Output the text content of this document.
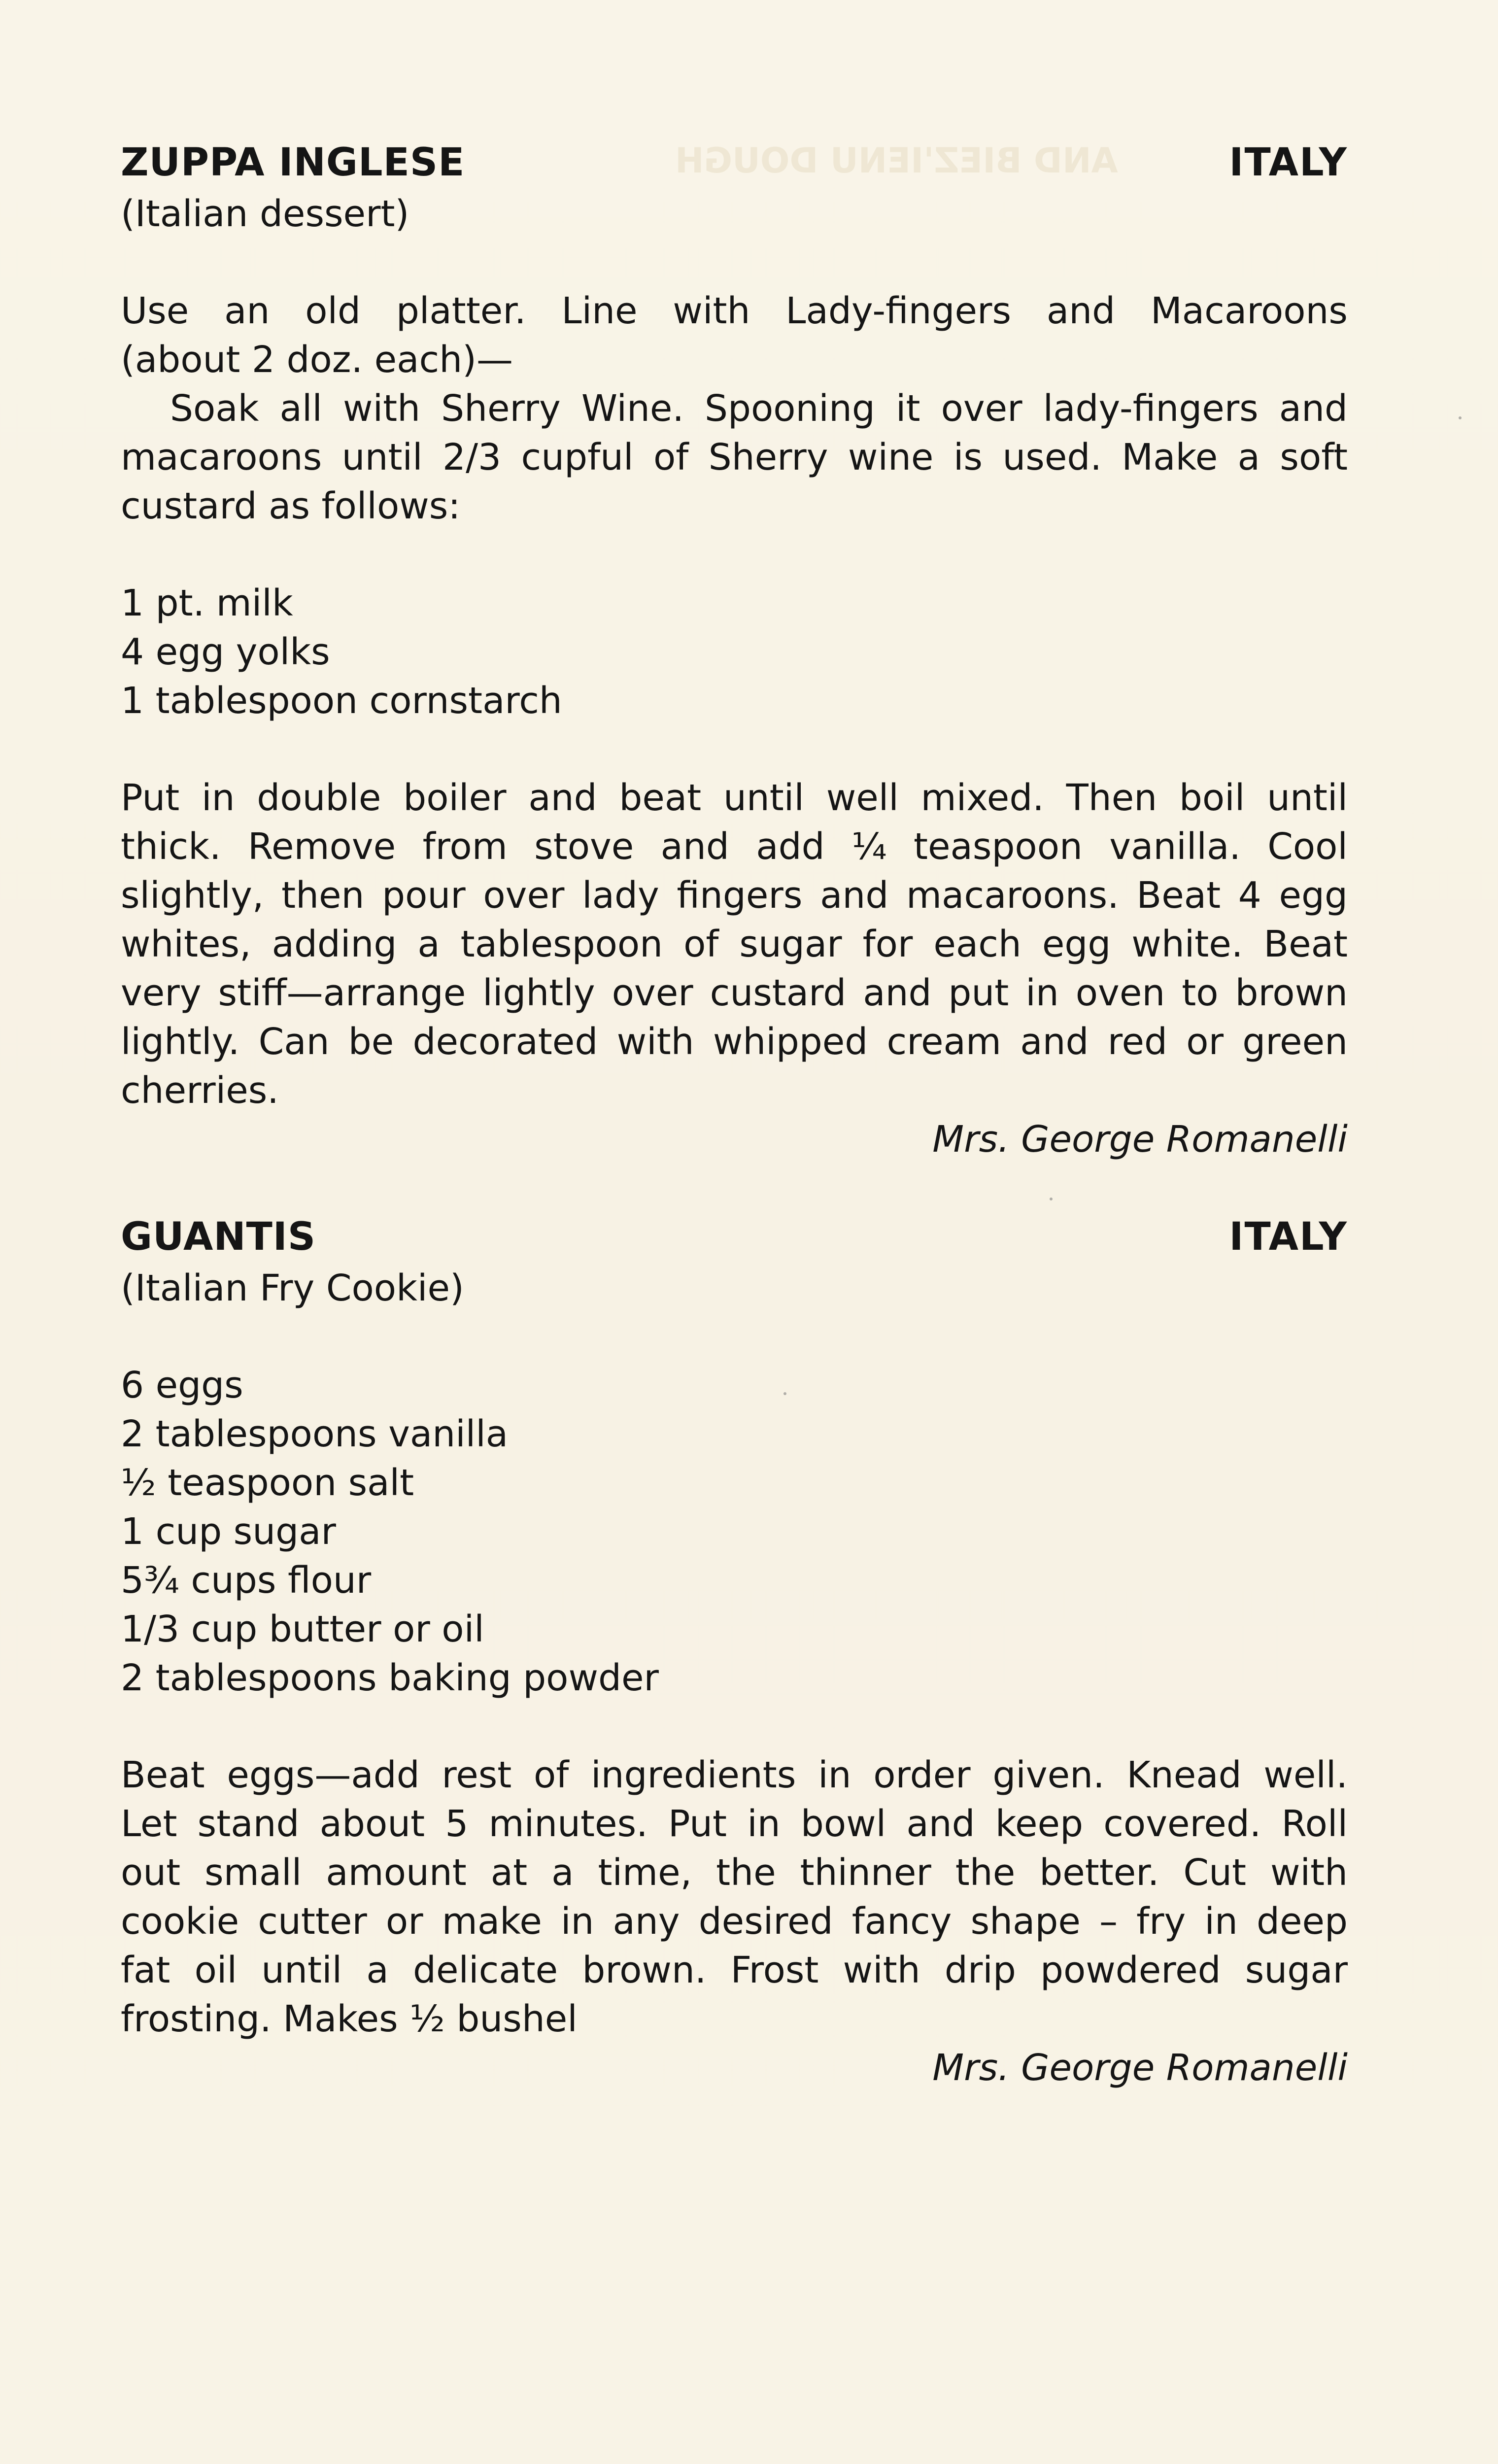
AND BIEZ'IENU DOUGH
ZUPPA INGLESE	ITALY
(Italian dessert)
Use an old platter. Line with Lady-fingers and Macaroons
(about 2 doz. each)—
Soak all with Sherry Wine. Spooning it over lady-fingers and
macaroons until 2/3 cupful of Sherry wine is used. Make a soft
custard as follows:
1 pt. milk
4 egg yolks
1 tablespoon cornstarch
Put in double boiler and beat until well mixed. Then boil until
thick. Remove from stove and add ¼ teaspoon vanilla. Cool
slightly, then pour over lady fingers and macaroons. Beat 4 egg
whites, adding a tablespoon of sugar for each egg white. Beat
very stiff—arrange lightly over custard and put in oven to brown
lightly. Can be decorated with whipped cream and red or green
cherries.
Mrs. George Romanelli
GUANTIS	ITALY
(Italian Fry Cookie)
6 eggs
2 tablespoons vanilla
½ teaspoon salt
1 cup sugar
5¾ cups flour
1/3 cup butter or oil
2 tablespoons baking powder
Beat eggs—add rest of ingredients in order given. Knead well.
Let stand about 5 minutes. Put in bowl and keep covered. Roll
out small amount at a time, the thinner the better. Cut with
cookie cutter or make in any desired fancy shape – fry in deep
fat oil until a delicate brown. Frost with drip powdered sugar
frosting. Makes ½ bushel
Mrs. George Romanelli
